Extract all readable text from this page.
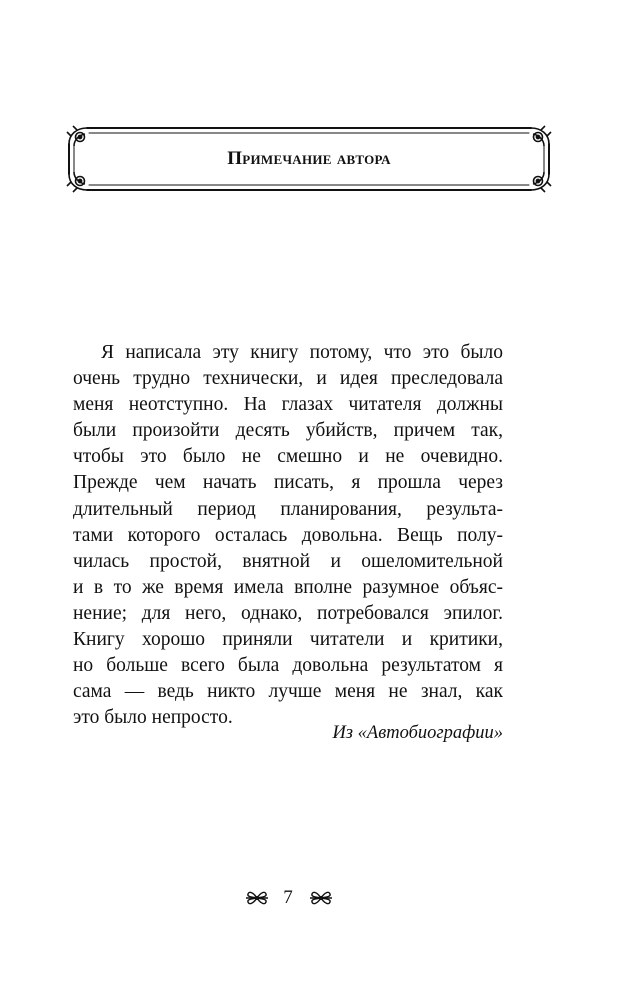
Примечание автора
Я написала эту книгу потому, что это было
очень трудно технически, и идея преследовала
меня неотступно. На глазах читателя должны
были произойти десять убийств, причем так,
чтобы это было не смешно и не очевидно.
Прежде чем начать писать, я прошла через
длительный период планирования, результа-
тами которого осталась довольна. Вещь полу-
чилась простой, внятной и ошеломительной
и в то же время имела вполне разумное объяс-
нение; для него, однако, потребовался эпилог.
Книгу хорошо приняли читатели и критики,
но больше всего была довольна результатом я
сама — ведь никто лучше меня не знал, как
это было непросто.
Из «Автобиографии»
7
